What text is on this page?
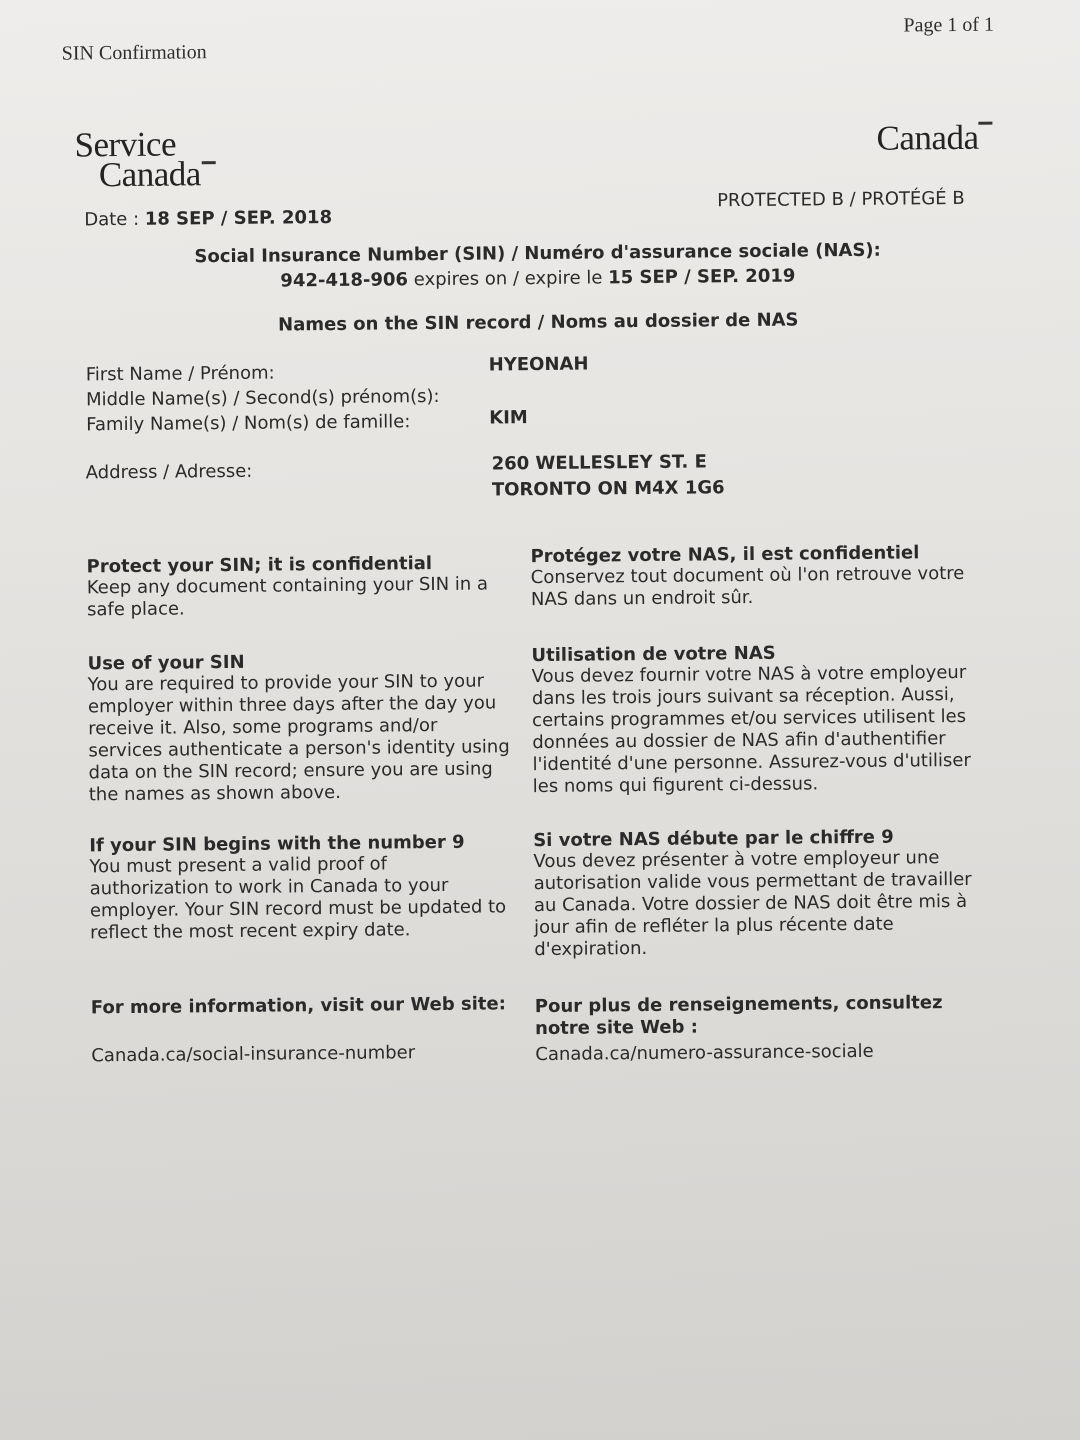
SIN Confirmation
Page 1 of 1
Service
Canada
Canada
Date : 18 SEP / SEP. 2018
PROTECTED B / PROTÉGÉ B
Social Insurance Number (SIN) / Numéro d'assurance sociale (NAS):
942-418-906 expires on / expire le 15 SEP / SEP. 2019
Names on the SIN record / Noms au dossier de NAS
First Name / Prénom:	HYEONAH
Middle Name(s) / Second(s) prénom(s):
Family Name(s) / Nom(s) de famille:	KIM
Address / Adresse:	260 WELLESLEY ST. E
TORONTO ON M4X 1G6
Protect your SIN; it is confidential
Keep any document containing your SIN in a
safe place.
Protégez votre NAS, il est confidentiel
Conservez tout document où l'on retrouve votre
NAS dans un endroit sûr.
Use of your SIN
You are required to provide your SIN to your
employer within three days after the day you
receive it. Also, some programs and/or
services authenticate a person's identity using
data on the SIN record; ensure you are using
the names as shown above.
Utilisation de votre NAS
Vous devez fournir votre NAS à votre employeur
dans les trois jours suivant sa réception. Aussi,
certains programmes et/ou services utilisent les
données au dossier de NAS afin d'authentifier
l'identité d'une personne. Assurez-vous d'utiliser
les noms qui figurent ci-dessus.
If your SIN begins with the number 9
You must present a valid proof of
authorization to work in Canada to your
employer. Your SIN record must be updated to
reflect the most recent expiry date.
Si votre NAS débute par le chiffre 9
Vous devez présenter à votre employeur une
autorisation valide vous permettant de travailler
au Canada. Votre dossier de NAS doit être mis à
jour afin de refléter la plus récente date
d'expiration.
For more information, visit our Web site:
Canada.ca/social-insurance-number
Pour plus de renseignements, consultez
notre site Web :
Canada.ca/numero-assurance-sociale
